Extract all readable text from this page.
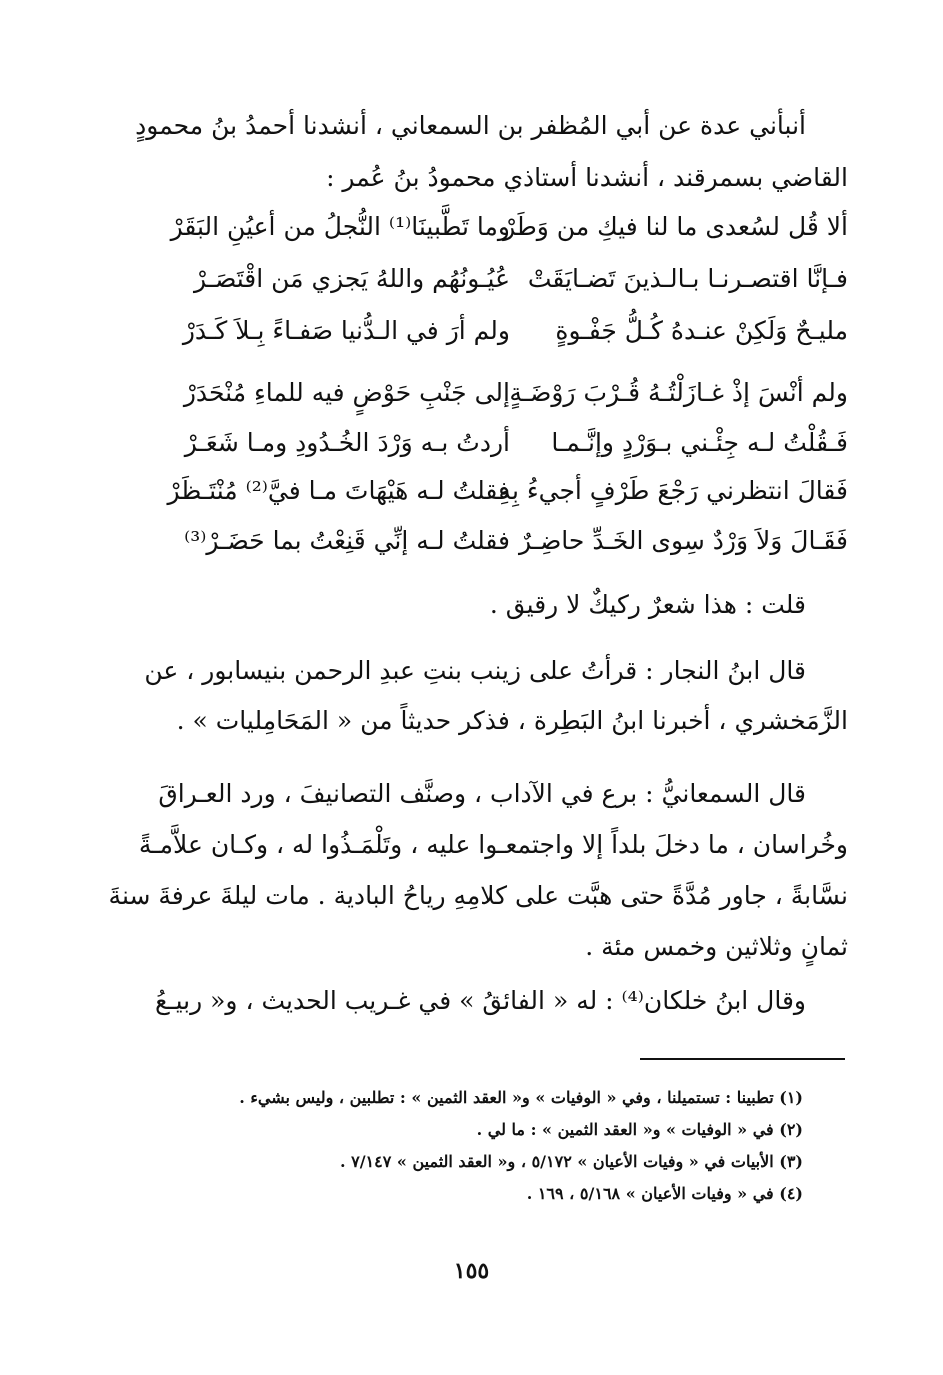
أنبأني عدة عن أبي المُظفر بن السمعاني ، أنشدنا أحمدُ بنُ محمودٍ
القاضي بسمرقند ، أنشدنا أستاذي محمودُ بنُ عُمر :
ألا قُل لسُعدى ما لنا فيكِ من وَطَرْ
وما تَطَّبينَا⁽¹⁾ النُّجلُ من أعيُنِ البَقَرْ
فـإنَّا اقتصـرنـا بـالـذينَ تَضـايَقَتْ
عُيُـونُهُم واللهُ يَجزي مَن اقْتَصَـرْ
مليـحٌ وَلَكِنْ عنـدهُ كُـلُّ جَفْـوةٍ
ولم أرَ في الـدُّنيا صَفـاءً بِـلاَ كَـدَرْ
ولم أنْسَ إذْ غـازَلْتُـهُ قُـرْبَ رَوْضَـةٍ
إلى جَنْبِ حَوْضٍ فيه للماءِ مُنْحَدَرْ
فَـقُلْتُ لـه جِئْـني بـوَرْدٍ وإنَّـمـا
أردتُ بـه وَرْدَ الخُـدُودِ ومـا شَعَـرْ
فَقالَ انتظرني رَجْعَ طَرْفٍ أجيءُ بِهِ
فقلتُ لـه هَيْهَاتَ مـا فيَّ⁽²⁾ مُنْتَـظَرْ
فَقَـالَ وَلاَ وَرْدٌ سِوى الخَـدِّ حاضِـرٌ
فقلتُ لـه إنِّي قَنِعْتُ بما حَضَـرْ⁽³⁾
قلت : هذا شعرٌ ركيكٌ لا رقيق .
قال ابنُ النجار : قرأتُ على زينب بنتِ عبدِ الرحمن بنيسابور ، عن
الزَّمَخشري ، أخبرنا ابنُ البَطِرة ، فذكر حديثاً من « المَحَامِليات » .
قال السمعانيُّ : برع في الآداب ، وصنَّف التصانيفَ ، ورد العـراقَ
وخُراسان ، ما دخلَ بلداً إلا واجتمعـوا عليه ، وتَلْمَـذُوا له ، وكـان علاَّمـةً
نسَّابةً ، جاور مُدَّةً حتى هبَّت على كلامِهِ رياحُ البادية . مات ليلةَ عرفةَ سنةَ
ثمانٍ وثلاثين وخمس مئة .
وقال ابنُ خلكان⁽⁴⁾ : له « الفائقُ » في غـريب الحديث ، و« ربيـعُ
(١) تطبينا : تستميلنا ، وفي « الوفيات » و« العقد الثمين » : تطلبين ، وليس بشيء .
(٢) في « الوفيات » و« العقد الثمين » : ما لي .
(٣) الأبيات في « وفيات الأعيان » ٥/١٧٢ ، و« العقد الثمين » ٧/١٤٧ .
(٤) في « وفيات الأعيان » ٥/١٦٨ ، ١٦٩ .
١٥٥
